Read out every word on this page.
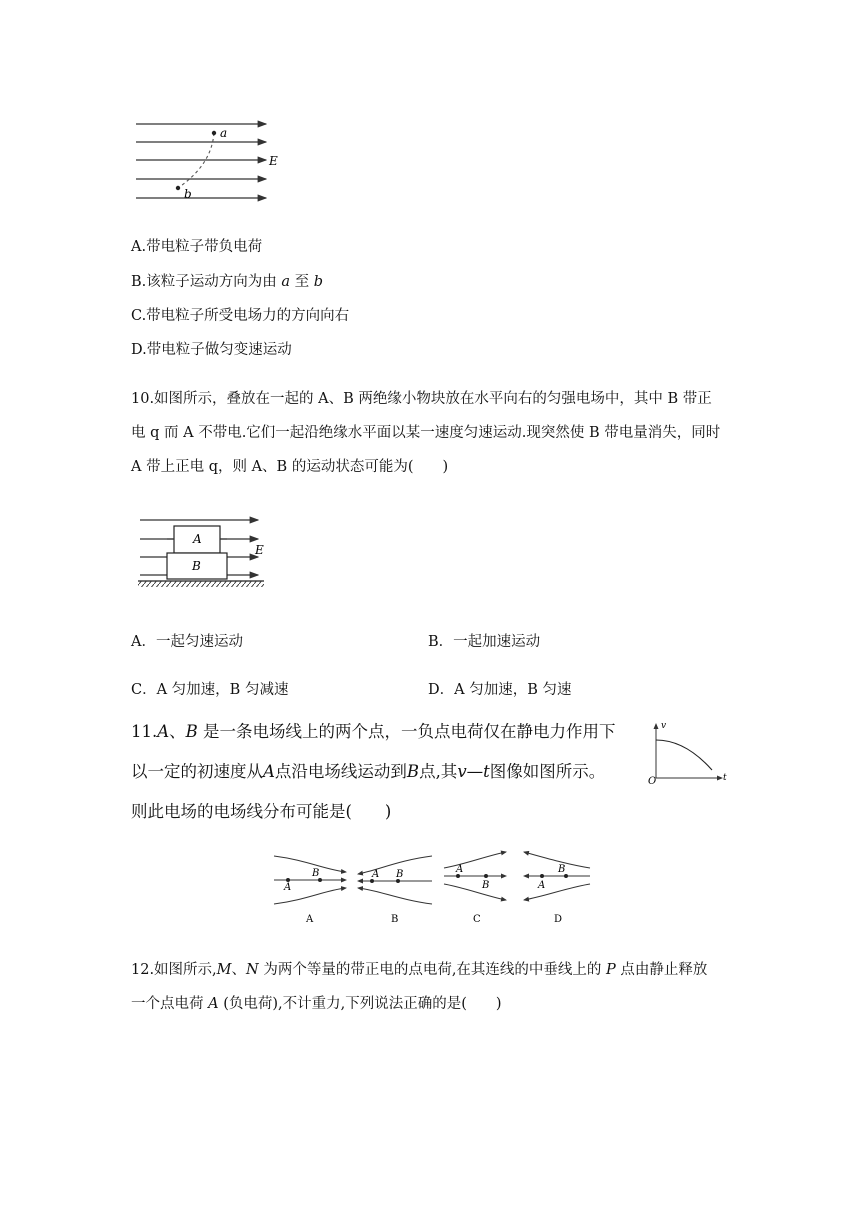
a
b
E
A.带电粒子带负电荷
B.该粒子运动方向为由 a 至 b
C.带电粒子所受电场力的方向向右
D.带电粒子做匀变速运动
10.如图所示，叠放在一起的 A、B 两绝缘小物块放在水平向右的匀强电场中，其中 B 带正
电 q 而 A 不带电.它们一起沿绝缘水平面以某一速度匀速运动.现突然使 B 带电量消失，同时
A 带上正电 q，则 A、B 的运动状态可能为(　　)
A
B
E
A．一起匀速运动	B．一起加速运动
C．A 匀加速，B 匀减速	D．A 匀加速，B 匀速
11.A、B 是一条电场线上的两个点，一负点电荷仅在静电力作用下
以一定的初速度从A点沿电场线运动到B点,其v—t图像如图所示。
则此电场的电场线分布可能是(　　)
v
t
O
A
B	A B	A
B	A
B
A	B	C	D
12.如图所示,M、N 为两个等量的带正电的点电荷,在其连线的中垂线上的 P 点由静止释放
一个点电荷 A (负电荷),不计重力,下列说法正确的是(　　)
